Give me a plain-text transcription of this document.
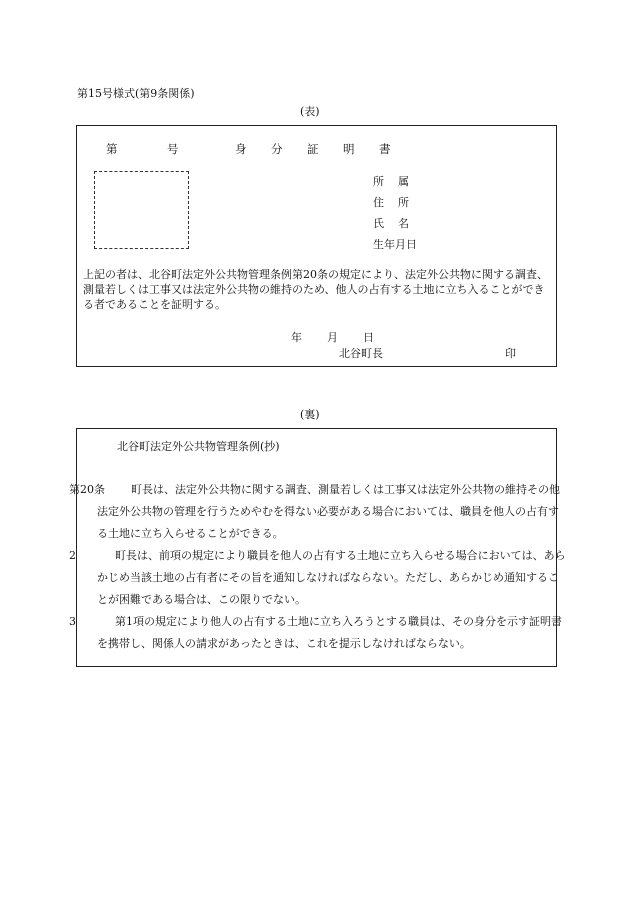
第15号様式(第9条関係)
(表)
第	号	身 分 証 明 書
所 属
住 所
氏 名
生年月日
上記の者は、北谷町法定外公共物管理条例第20条の規定により、法定外公共物に関する調査、測量若しくは工事又は法定外公共物の維持のため、他人の占有する土地に立ち入ることができる者であることを証明する。
年 月 日
北谷町長	印
(裏)
北谷町法定外公共物管理条例(抄)
第20条 町長は、法定外公共物に関する調査、測量若しくは工事又は法定外公共物の維持その他法定外公共物の管理を行うためやむを得ない必要がある場合においては、職員を他人の占有する土地に立ち入らせることができる。
2	町長は、前項の規定により職員を他人の占有する土地に立ち入らせる場合においては、あらかじめ当該土地の占有者にその旨を通知しなければならない。ただし、あらかじめ通知することが困難である場合は、この限りでない。
3	第1項の規定により他人の占有する土地に立ち入ろうとする職員は、その身分を示す証明書を携帯し、関係人の請求があったときは、これを提示しなければならない。
